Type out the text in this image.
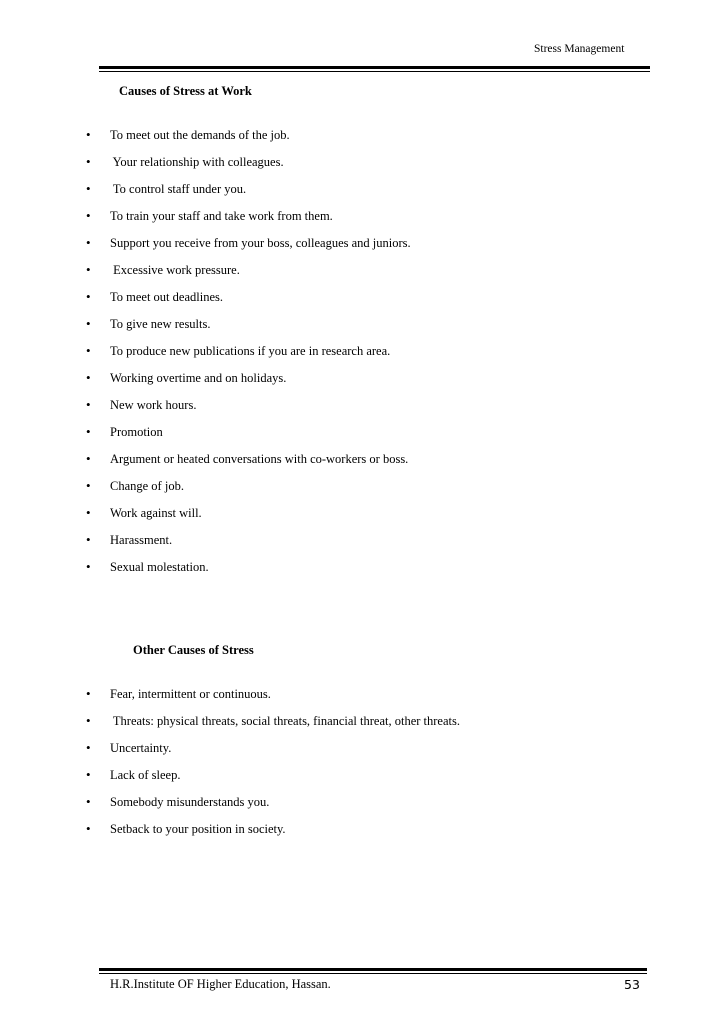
Stress Management
Causes of Stress at Work
• To meet out the demands of the job.
• Your relationship with colleagues.
• To control staff under you.
• To train your staff and take work from them.
• Support you receive from your boss, colleagues and juniors.
• Excessive work pressure.
• To meet out deadlines.
• To give new results.
• To produce new publications if you are in research area.
• Working overtime and on holidays.
• New work hours.
• Promotion
• Argument or heated conversations with co-workers or boss.
• Change of job.
• Work against will.
• Harassment.
• Sexual molestation.
Other Causes of Stress
• Fear, intermittent or continuous.
• Threats: physical threats, social threats, financial threat, other threats.
• Uncertainty.
• Lack of sleep.
• Somebody misunderstands you.
• Setback to your position in society.
H.R.Institute OF Higher Education, Hassan.	53
